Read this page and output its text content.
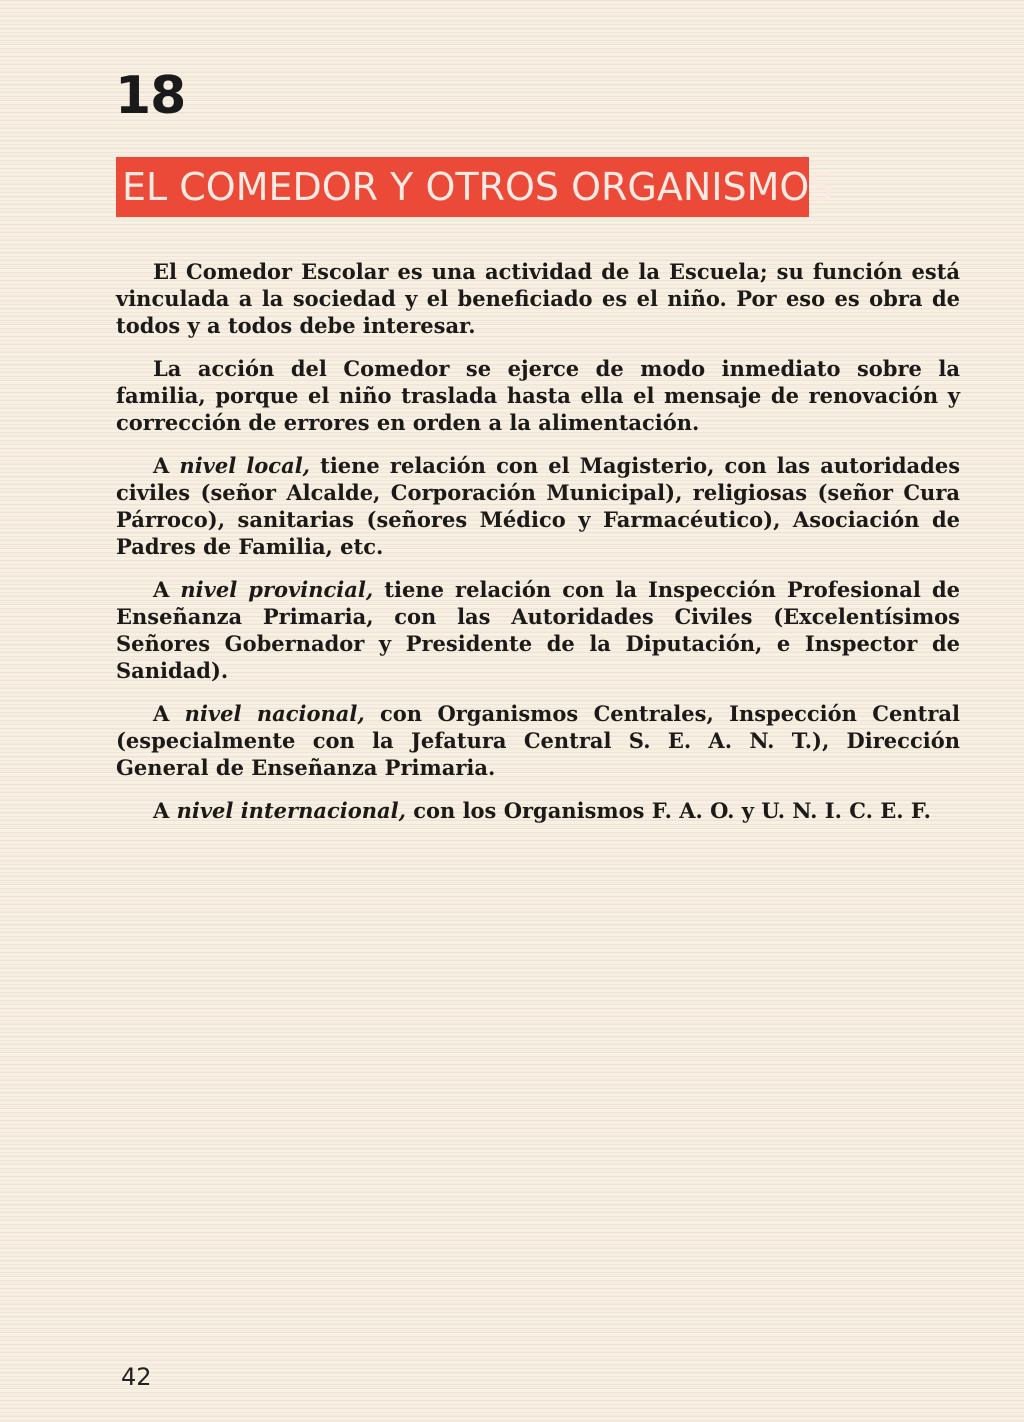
18
EL COMEDOR Y OTROS ORGANISMOS

El Comedor Escolar es una actividad de la Escuela; su función está vinculada a la sociedad y el beneficiado es el niño. Por eso es obra de todos y a todos debe interesar.

La acción del Comedor se ejerce de modo inmediato sobre la familia, porque el niño traslada hasta ella el mensaje de renovación y corrección de errores en orden a la alimentación.

A nivel local, tiene relación con el Magisterio, con las autoridades civiles (señor Alcalde, Corporación Municipal), religiosas (señor Cura Párroco), sanitarias (señores Médico y Farmacéutico), Asociación de Padres de Familia, etc.

A nivel provincial, tiene relación con la Inspección Profesional de Enseñanza Primaria, con las Autoridades Civiles (Excelentísimos Señores Gobernador y Presidente de la Diputación, e Inspector de Sanidad).

A nivel nacional, con Organismos Centrales, Inspección Central (especialmente con la Jefatura Central S. E. A. N. T.), Dirección General de Enseñanza Primaria.

A nivel internacional, con los Organismos F. A. O. y U. N. I. C. E. F.

42
